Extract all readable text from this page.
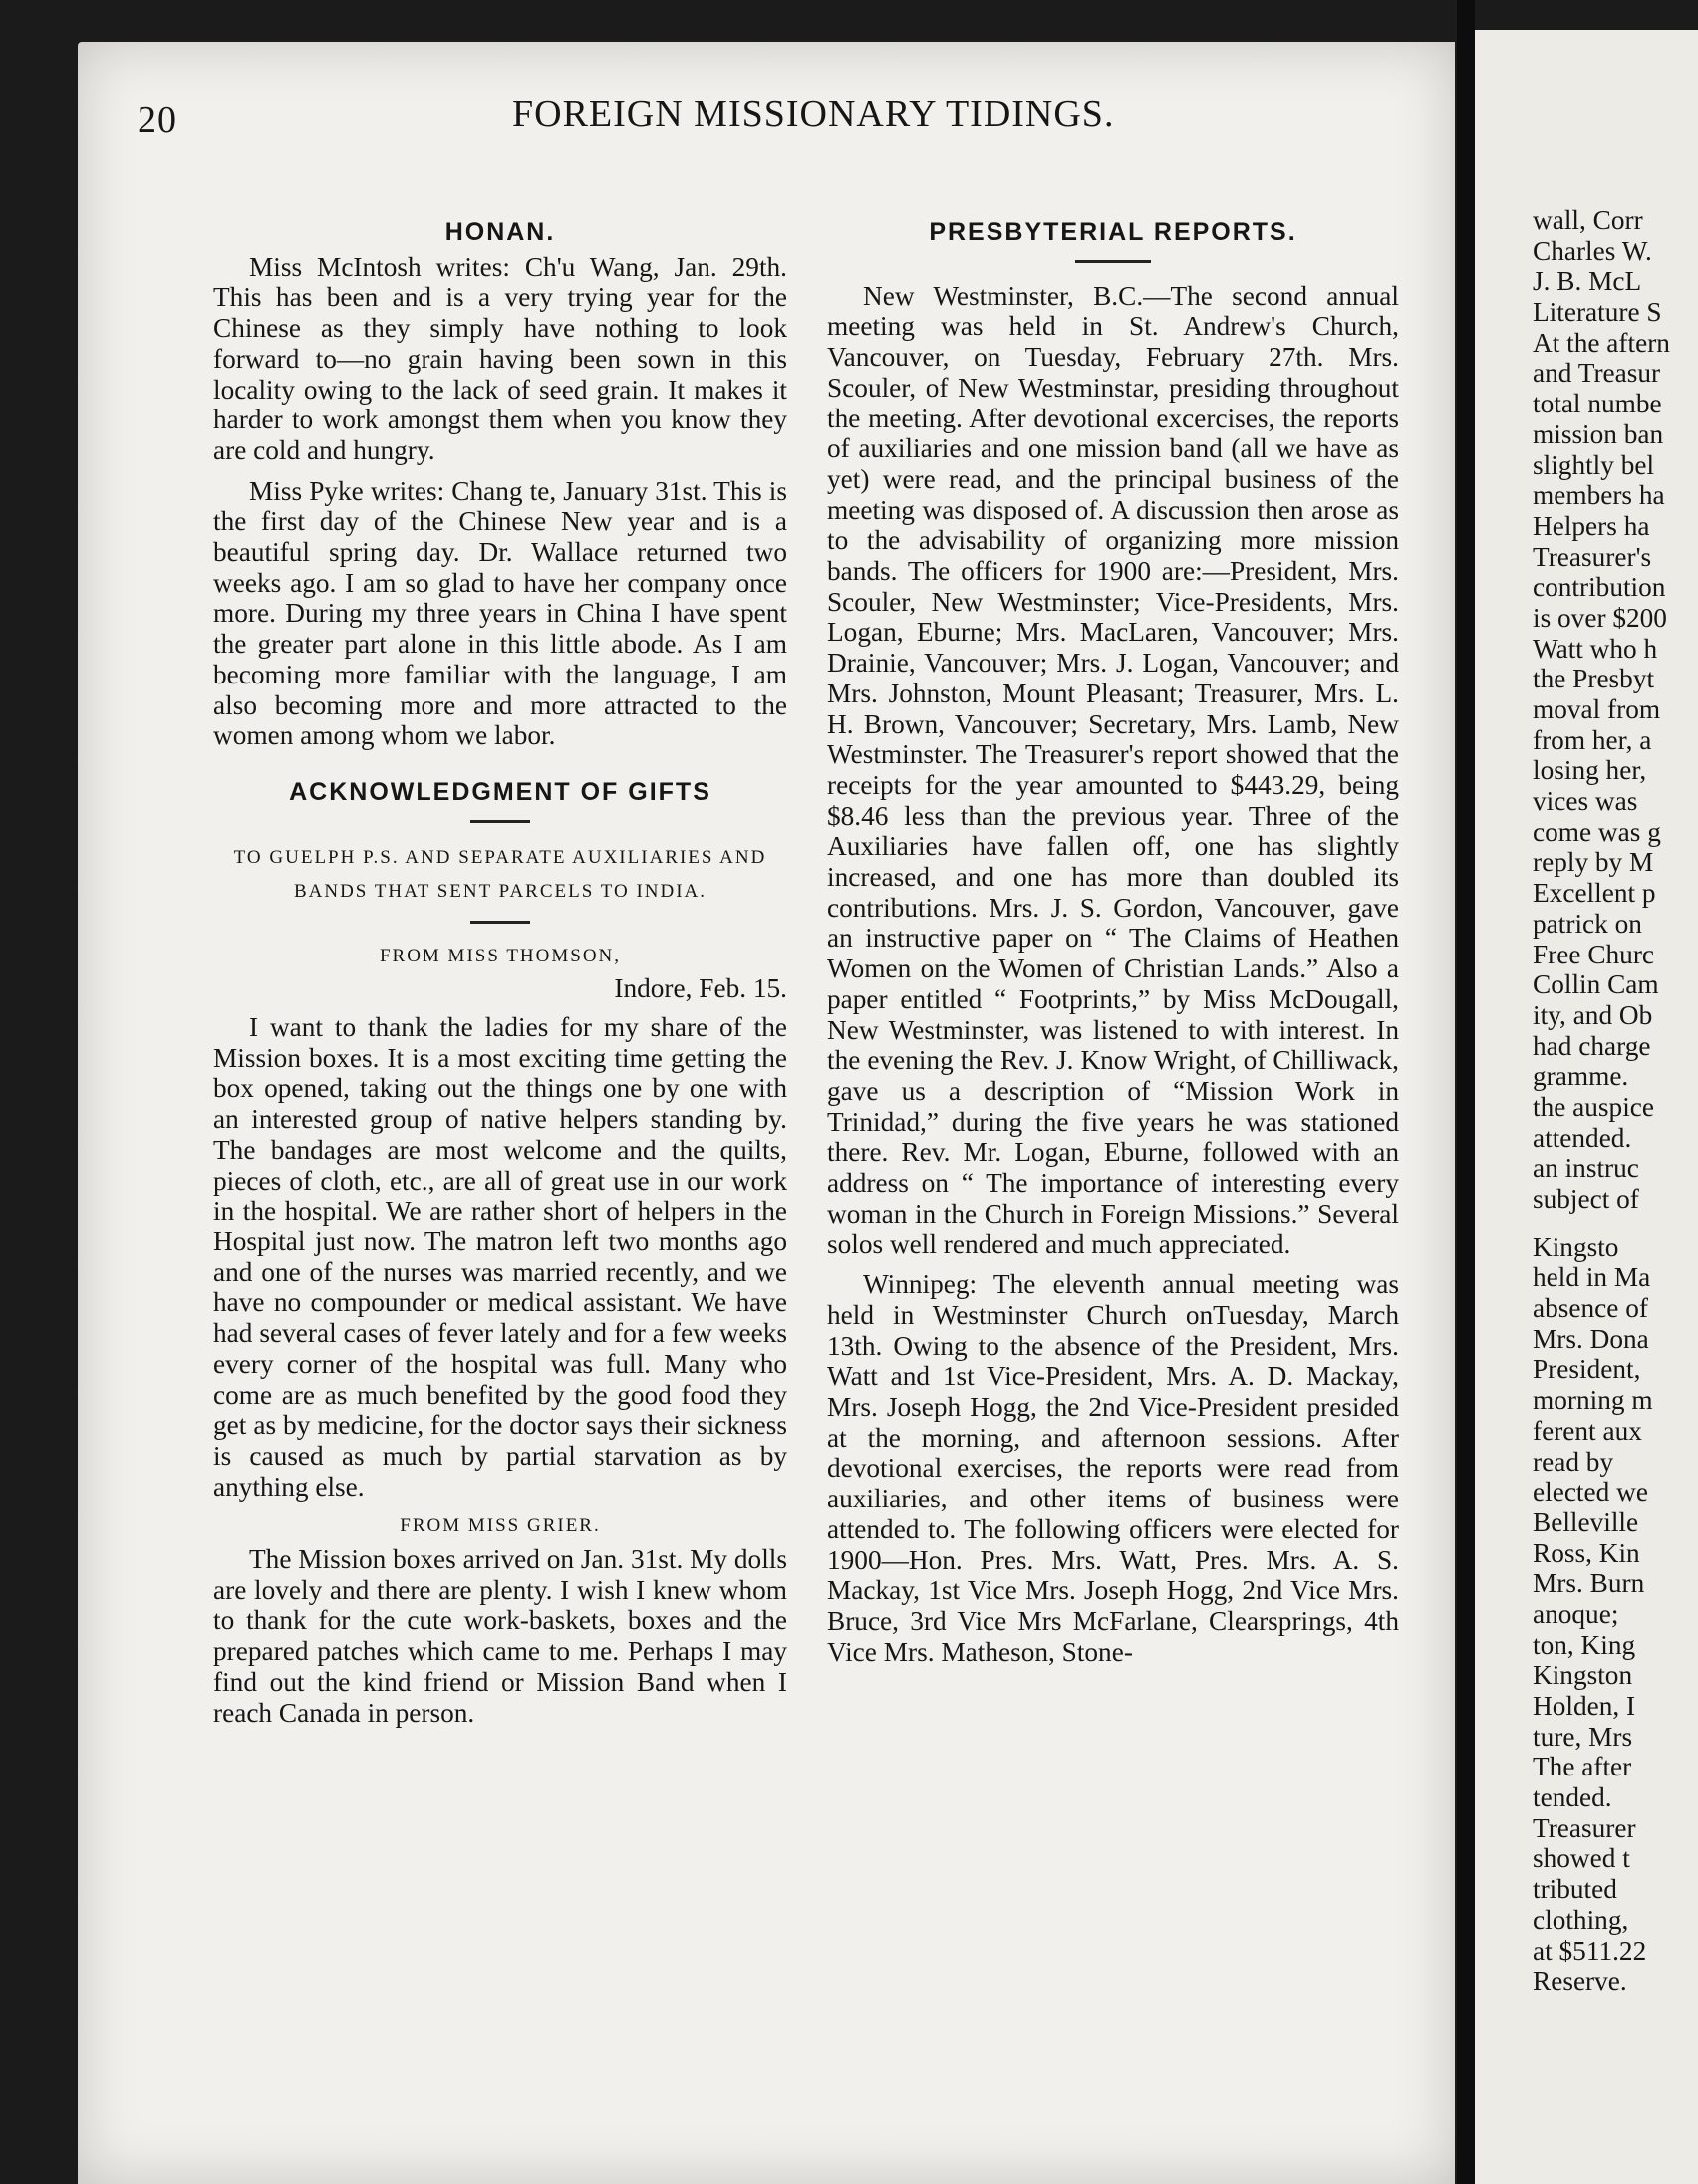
20	FOREIGN MISSIONARY TIDINGS.
HONAN.

Miss McIntosh writes: Ch'u Wang, Jan. 29th. This has been and is a very trying year for the Chinese as they simply have nothing to look forward to—no grain having been sown in this locality owing to the lack of seed grain. It makes it harder to work amongst them when you know they are cold and hungry.

Miss Pyke writes: Chang te, January 31st. This is the first day of the Chinese New year and is a beautiful spring day. Dr. Wallace returned two weeks ago. I am so glad to have her company once more. During my three years in China I have spent the greater part alone in this little abode. As I am becoming more familiar with the language, I am also becoming more and more attracted to the women among whom we labor.

ACKNOWLEDGMENT OF GIFTS
TO GUELPH P.S. AND SEPARATE AUXILIARIES AND BANDS THAT SENT PARCELS TO INDIA.
FROM MISS THOMSON,
Indore, Feb. 15.

I want to thank the ladies for my share of the Mission boxes. It is a most exciting time getting the box opened, taking out the things one by one with an interested group of native helpers standing by. The bandages are most welcome and the quilts, pieces of cloth, etc., are all of great use in our work in the hospital. We are rather short of helpers in the Hospital just now. The matron left two months ago and one of the nurses was married recently, and we have no compounder or medical assistant. We have had several cases of fever lately and for a few weeks every corner of the hospital was full. Many who come are as much benefited by the good food they get as by medicine, for the doctor says their sickness is caused as much by partial starvation as by anything else.

FROM MISS GRIER.

The Mission boxes arrived on Jan. 31st. My dolls are lovely and there are plenty. I wish I knew whom to thank for the cute work-baskets, boxes and the prepared patches which came to me. Perhaps I may find out the kind friend or Mission Band when I reach Canada in person.

PRESBYTERIAL REPORTS.

New Westminster, B.C.—The second annual meeting was held in St. Andrew's Church, Vancouver, on Tuesday, February 27th. Mrs. Scouler, of New Westminstar, presiding throughout the meeting. After devotional excercises, the reports of auxiliaries and one mission band (all we have as yet) were read, and the principal business of the meeting was disposed of. A discussion then arose as to the advisability of organizing more mission bands. The officers for 1900 are:—President, Mrs. Scouler, New Westminster; Vice-Presidents, Mrs. Logan, Eburne; Mrs. MacLaren, Vancouver; Mrs. Drainie, Vancouver; Mrs. J. Logan, Vancouver; and Mrs. Johnston, Mount Pleasant; Treasurer, Mrs. L. H. Brown, Vancouver; Secretary, Mrs. Lamb, New Westminster. The Treasurer's report showed that the receipts for the year amounted to $443.29, being $8.46 less than the previous year. Three of the Auxiliaries have fallen off, one has slightly increased, and one has more than doubled its contributions. Mrs. J. S. Gordon, Vancouver, gave an instructive paper on “ The Claims of Heathen Women on the Women of Christian Lands.” Also a paper entitled “ Footprints,” by Miss McDougall, New Westminster, was listened to with interest. In the evening the Rev. J. Know Wright, of Chilliwack, gave us a description of “Mission Work in Trinidad,” during the five years he was stationed there. Rev. Mr. Logan, Eburne, followed with an address on “ The importance of interesting every woman in the Church in Foreign Missions.” Several solos well rendered and much appreciated.

Winnipeg: The eleventh annual meeting was held in Westminster Church onTuesday, March 13th. Owing to the absence of the President, Mrs. Watt and 1st Vice-President, Mrs. A. D. Mackay, Mrs. Joseph Hogg, the 2nd Vice-President presided at the morning, and afternoon sessions. After devotional exercises, the reports were read from auxiliaries, and other items of business were attended to. The following officers were elected for 1900—Hon. Pres. Mrs. Watt, Pres. Mrs. A. S. Mackay, 1st Vice Mrs. Joseph Hogg, 2nd Vice Mrs. Bruce, 3rd Vice Mrs McFarlane, Clearsprings, 4th Vice Mrs. Matheson, Stone-

wall, Corr
Charles W.
J. B. McL
Literature S
At the aftern
and Treasur
total numbe
mission ban
slightly bel
members ha
Helpers ha
Treasurer's
contribution
is over $200
Watt who h
the Presbyt
moval from
from her, a
losing her,
vices was
come was g
reply by M
Excellent p
patrick on
Free Churc
Collin Cam
ity, and Ob
had charge
gramme.
the auspice
attended.
an instruc
subject of
Kingsto
held in Ma
absence of
Mrs. Dona
President,
morning m
ferent aux
read by
elected we
Belleville
Ross, Kin
Mrs. Burn
anoque;
ton, King
Kingston
Holden, I
ture, Mrs
The after
tended.
Treasurer
showed t
tributed
clothing,
at $511.22
Reserve.
